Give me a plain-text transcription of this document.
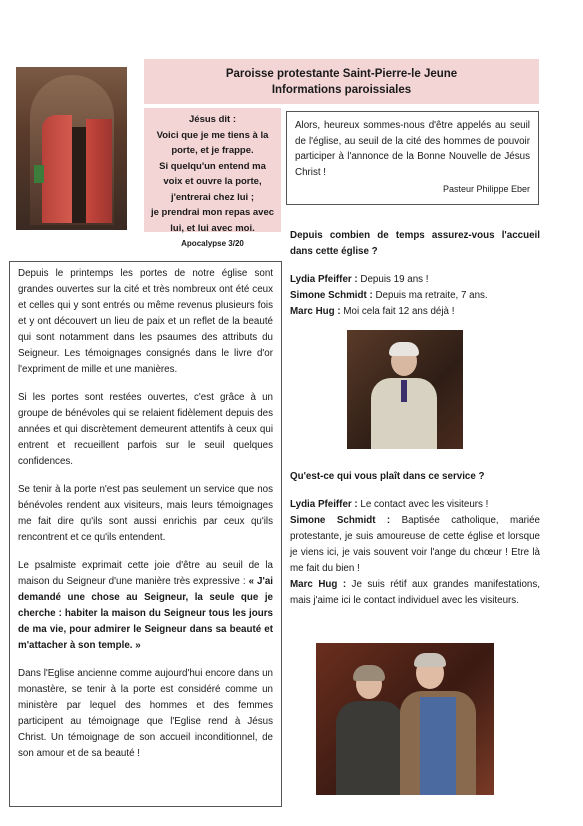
Paroisse protestante Saint-Pierre-le Jeune
Informations paroissiales
Jésus dit :
Voici que je me tiens à la
porte, et je frappe.
Si quelqu'un entend ma
voix et ouvre la porte,
j'entrerai chez lui ;
je prendrai mon repas avec
lui, et lui avec moi.
Apocalypse 3/20
Alors, heureux sommes-nous d'être appelés au seuil de l'église, au seuil de la cité des hommes de pouvoir participer à l'annonce de la Bonne Nouvelle de Jésus Christ !
Pasteur Philippe Eber

Depuis le printemps les portes de notre église sont grandes ouvertes sur la cité et très nombreux ont été ceux et celles qui y sont entrés ou même revenus plusieurs fois et y ont découvert un lieu de paix et un reflet de la beauté qui sont notamment dans les psaumes des attributs du Seigneur. Les témoignages consignés dans le livre d'or l'expriment de mille et une manières.

Si les portes sont restées ouvertes, c'est grâce à un groupe de bénévoles qui se relaient fidèlement depuis des années et qui discrètement demeurent attentifs à ceux qui entrent et recueillent parfois sur le seuil quelques confidences.

Se tenir à la porte n'est pas seulement un service que nos bénévoles rendent aux visiteurs, mais leurs témoignages me fait dire qu'ils sont aussi enrichis par ceux qu'ils rencontrent et ce qu'ils entendent.

Le psalmiste exprimait cette joie d'être au seuil de la maison du Seigneur d'une manière très expressive : « J'ai demandé une chose au Seigneur, la seule que je cherche : habiter la maison du Seigneur tous les jours de ma vie, pour admirer le Seigneur dans sa beauté et m'attacher à son temple. »

Dans l'Eglise ancienne comme aujourd'hui encore dans un monastère, se tenir à la porte est considéré comme un ministère par lequel des hommes et des femmes participent au témoignage que l'Eglise rend à Jésus Christ. Un témoignage de son accueil inconditionnel, de son amour et de sa beauté !

Depuis combien de temps assurez-vous l'accueil dans cette église ?

Lydia Pfeiffer : Depuis 19 ans !

Simone Schmidt : Depuis ma retraite, 7 ans.

Marc Hug : Moi cela fait 12 ans déjà !

Qu'est-ce qui vous plaît dans ce service ?

Lydia Pfeiffer : Le contact avec les visiteurs !

Simone Schmidt : Baptisée catholique, mariée protestante, je suis amoureuse de cette église et lorsque je viens ici, je vais souvent voir l'ange du chœur ! Etre là me fait du bien !

Marc Hug : Je suis rétif aux grandes manifestations, mais j'aime ici le contact individuel avec les visiteurs.
